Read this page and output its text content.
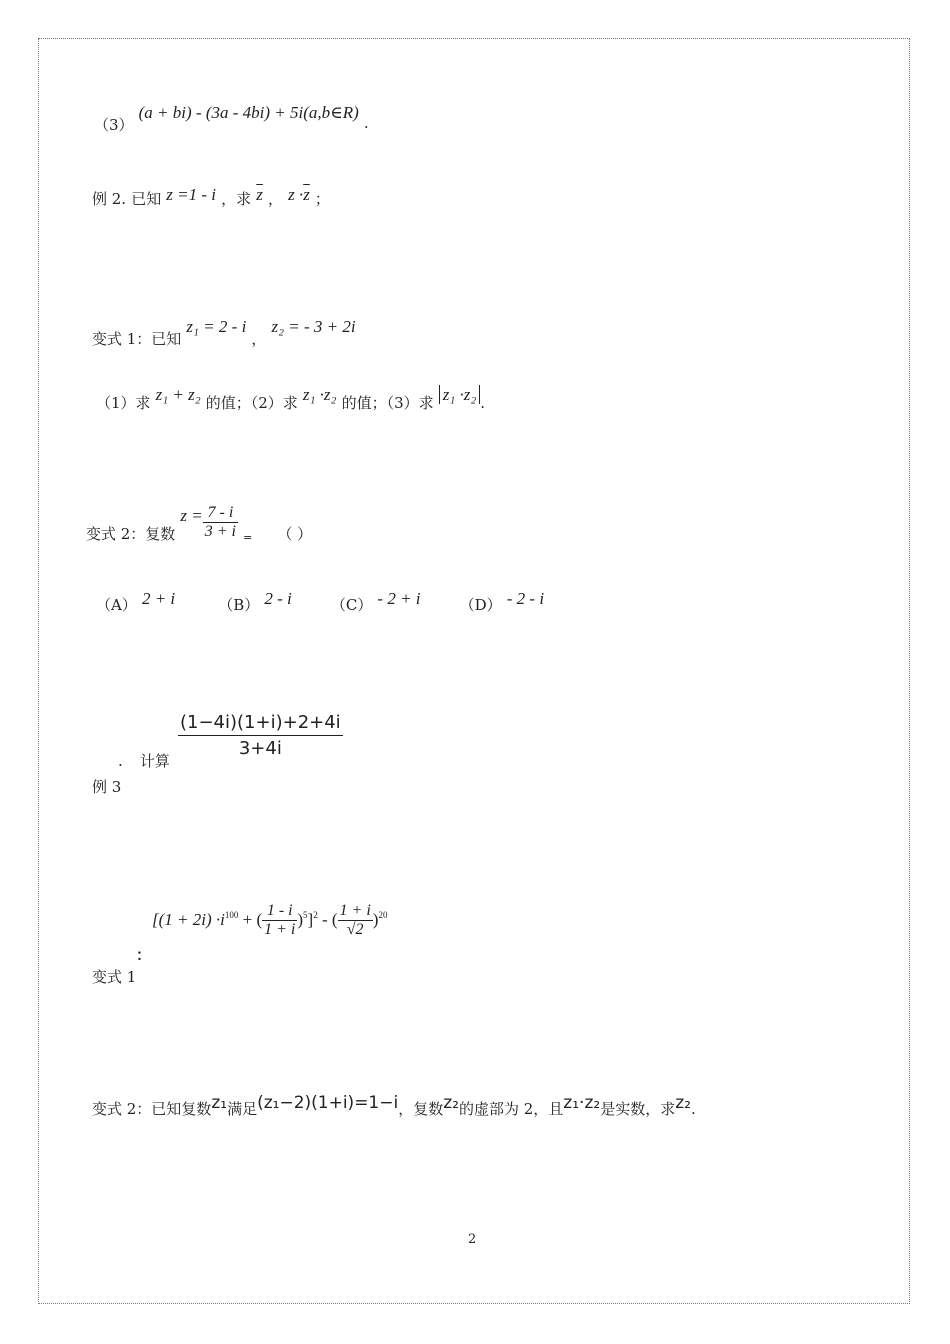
（3） (a + bi) - (3a - 4bi) + 5i(a,b∈R) .
例 2. 已知 z =1 - i ，求 $\overline{z}$ ， $z \cdot\overline{z}$ ；
变式 1：已知 z₁ = 2 - i ， z₂ = - 3 + 2i
（1）求 z₁ + z₂ 的值；（2）求 z₁ ·z₂ 的值；（3）求 z₁ ·z₂ .
变式 2：复数 $z = \frac{7 - i}{3 + i} _=$ （ ）
（A） 2 + i	（B） 2 - i	（C） - 2 + i	（D） - 2 - i
. 计算
$\frac{(1-4i)(1+i)+2+4i}{3+4i}$
例 3
[$(1 + 2i) \cdot i^{100}$ + ( $\frac{1 - i}{1 + i} )^5]^2$ - ( $\frac{1 + i}{√2} )^{20}$
：
变式 1
变式 2：已知复数z₁满足(z₁−2)(1+i)=1−i，复数z₂的虚部为 2，且z₁·z₂是实数，求z₂.
2
